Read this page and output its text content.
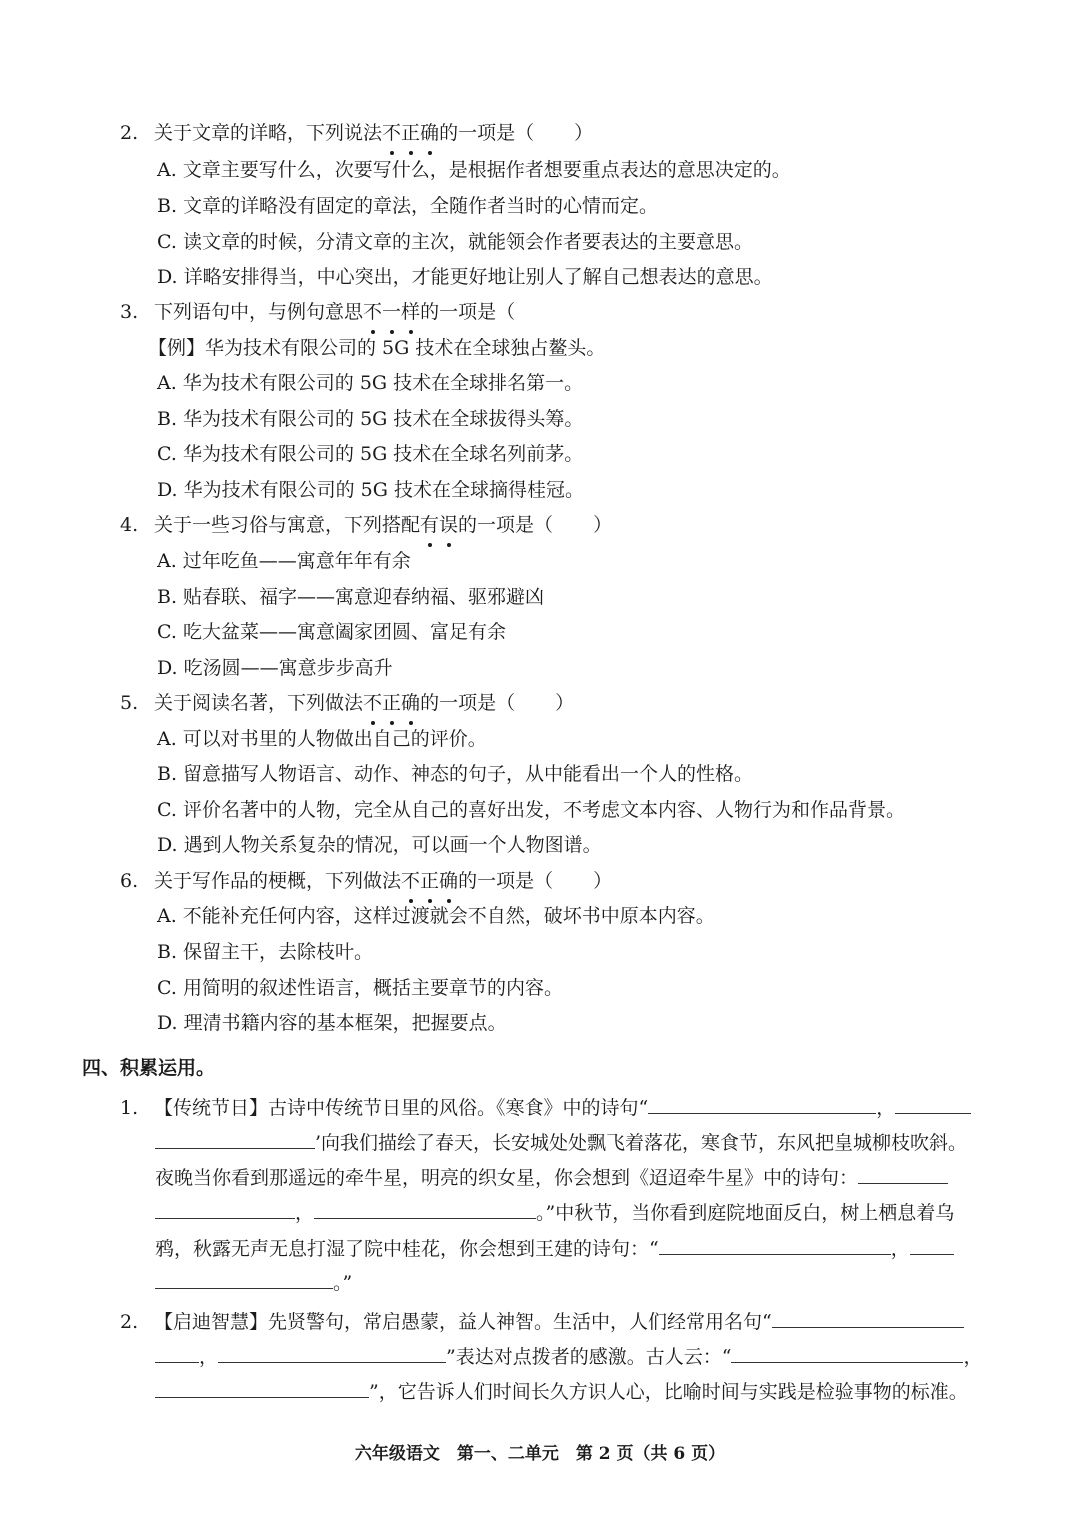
2. 关于文章的详略，下列说法不正确的一项是（ ）
A. 文章主要写什么，次要写什么，是根据作者想要重点表达的意思决定的。
B. 文章的详略没有固定的章法，全随作者当时的心情而定。
C. 读文章的时候，分清文章的主次，就能领会作者要表达的主要意思。
D. 详略安排得当，中心突出，才能更好地让别人了解自己想表达的意思。
3. 下列语句中，与例句意思不一样的一项是（
【例】华为技术有限公司的 5G 技术在全球独占鳌头。
A. 华为技术有限公司的 5G 技术在全球排名第一。
B. 华为技术有限公司的 5G 技术在全球拔得头筹。
C. 华为技术有限公司的 5G 技术在全球名列前茅。
D. 华为技术有限公司的 5G 技术在全球摘得桂冠。
4. 关于一些习俗与寓意，下列搭配有误的一项是（ ）
A. 过年吃鱼——寓意年年有余
B. 贴春联、福字——寓意迎春纳福、驱邪避凶
C. 吃大盆菜——寓意阖家团圆、富足有余
D. 吃汤圆——寓意步步高升
5. 关于阅读名著，下列做法不正确的一项是（ ）
A. 可以对书里的人物做出自己的评价。
B. 留意描写人物语言、动作、神态的句子，从中能看出一个人的性格。
C. 评价名著中的人物，完全从自己的喜好出发，不考虑文本内容、人物行为和作品背景。
D. 遇到人物关系复杂的情况，可以画一个人物图谱。
6. 关于写作品的梗概，下列做法不正确的一项是（ ）
A. 不能补充任何内容，这样过渡就会不自然，破坏书中原本内容。
B. 保留主干，去除枝叶。
C. 用简明的叙述性语言，概括主要章节的内容。
D. 理清书籍内容的基本框架，把握要点。
四、积累运用。
1. 【传统节日】古诗中传统节日里的风俗。《寒食》中的诗句“	，
’向我们描绘了春天，长安城处处飘飞着落花，寒食节，东风把皇城柳枝吹斜。
夜晚当你看到那遥远的牵牛星，明亮的织女星，你会想到《迢迢牵牛星》中的诗句：
，	。”中秋节，当你看到庭院地面反白，树上栖息着乌
鸦，秋露无声无息打湿了院中桂花，你会想到王建的诗句：“	，
。”
2. 【启迪智慧】先贤警句，常启愚蒙，益人神智。生活中，人们经常用名句“
，	”表达对点拨者的感激。古人云：“	，
”，它告诉人们时间长久方识人心，比喻时间与实践是检验事物的标准。
六年级语文　第一、二单元　第 2 页（共 6 页）
